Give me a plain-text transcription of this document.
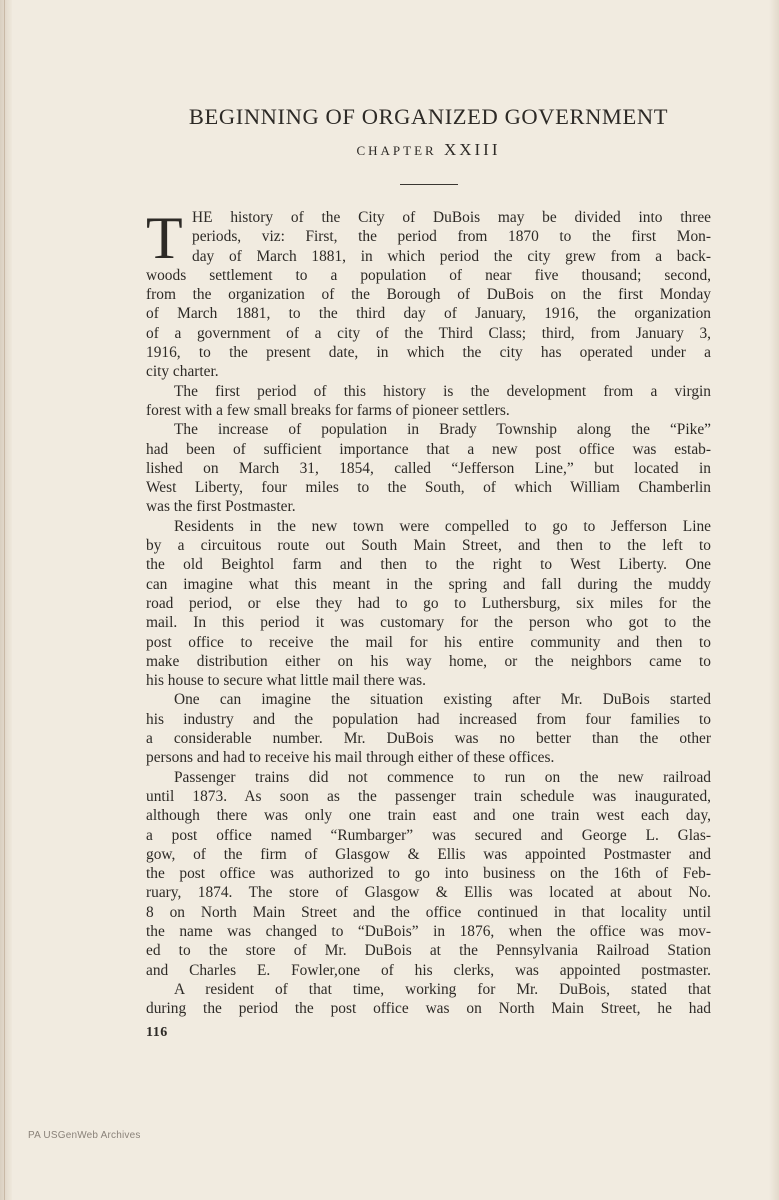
BEGINNING OF ORGANIZED GOVERNMENT
CHAPTER XXIII
T HE history of the City of DuBois may be divided into three
periods, viz: First, the period from 1870 to the first Mon-
day of March 1881, in which period the city grew from a back-
woods settlement to a population of near five thousand; second,
from the organization of the Borough of DuBois on the first Monday
of March 1881, to the third day of January, 1916, the organization
of a government of a city of the Third Class; third, from January 3,
1916, to the present date, in which the city has operated under a
city charter.
The first period of this history is the development from a virgin
forest with a few small breaks for farms of pioneer settlers.
The increase of population in Brady Township along the “Pike”
had been of sufficient importance that a new post office was estab-
lished on March 31, 1854, called “Jefferson Line,” but located in
West Liberty, four miles to the South, of which William Chamberlin
was the first Postmaster.
Residents in the new town were compelled to go to Jefferson Line
by a circuitous route out South Main Street, and then to the left to
the old Beightol farm and then to the right to West Liberty. One
can imagine what this meant in the spring and fall during the muddy
road period, or else they had to go to Luthersburg, six miles for the
mail. In this period it was customary for the person who got to the
post office to receive the mail for his entire community and then to
make distribution either on his way home, or the neighbors came to
his house to secure what little mail there was.
One can imagine the situation existing after Mr. DuBois started
his industry and the population had increased from four families to
a considerable number. Mr. DuBois was no better than the other
persons and had to receive his mail through either of these offices.
Passenger trains did not commence to run on the new railroad
until 1873. As soon as the passenger train schedule was inaugurated,
although there was only one train east and one train west each day,
a post office named “Rumbarger” was secured and George L. Glas-
gow, of the firm of Glasgow & Ellis was appointed Postmaster and
the post office was authorized to go into business on the 16th of Feb-
ruary, 1874. The store of Glasgow & Ellis was located at about No.
8 on North Main Street and the office continued in that locality until
the name was changed to “DuBois” in 1876, when the office was mov-
ed to the store of Mr. DuBois at the Pennsylvania Railroad Station
and Charles E. Fowler,one of his clerks, was appointed postmaster.
A resident of that time, working for Mr. DuBois, stated that
during the period the post office was on North Main Street, he had
116
PA USGenWeb Archives
